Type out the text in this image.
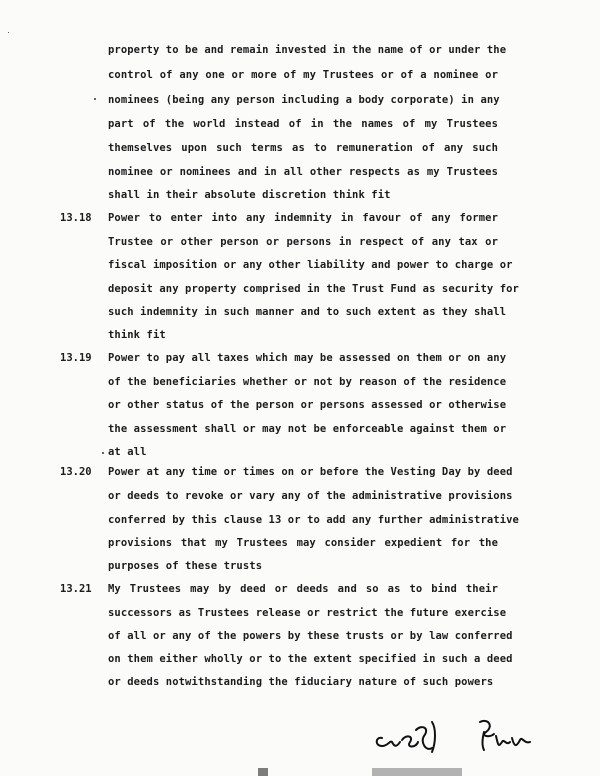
property to be and remain invested in the name of or under the
control of any one or more of my Trustees or of a nominee or
nominees (being any person including a body corporate) in any
part of the world instead of in the names of my Trustees
themselves upon such terms as to remuneration of any such
nominee or nominees and in all other respects as my Trustees
shall in their absolute discretion think fit
13.18 Power to enter into any indemnity in favour of any former
Trustee or other person or persons in respect of any tax or
fiscal imposition or any other liability and power to charge or
deposit any property comprised in the Trust Fund as security for
such indemnity in such manner and to such extent as they shall
think fit
13.19 Power to pay all taxes which may be assessed on them or on any
of the beneficiaries whether or not by reason of the residence
or other status of the person or persons assessed or otherwise
the assessment shall or may not be enforceable against them or
at all
13.20 Power at any time or times on or before the Vesting Day by deed
or deeds to revoke or vary any of the administrative provisions
conferred by this clause 13 or to add any further administrative
provisions that my Trustees may consider expedient for the
purposes of these trusts
13.21 My Trustees may by deed or deeds and so as to bind their
successors as Trustees release or restrict the future exercise
of all or any of the powers by these trusts or by law conferred
on them either wholly or to the extent specified in such a deed
or deeds notwithstanding the fiduciary nature of such powers
